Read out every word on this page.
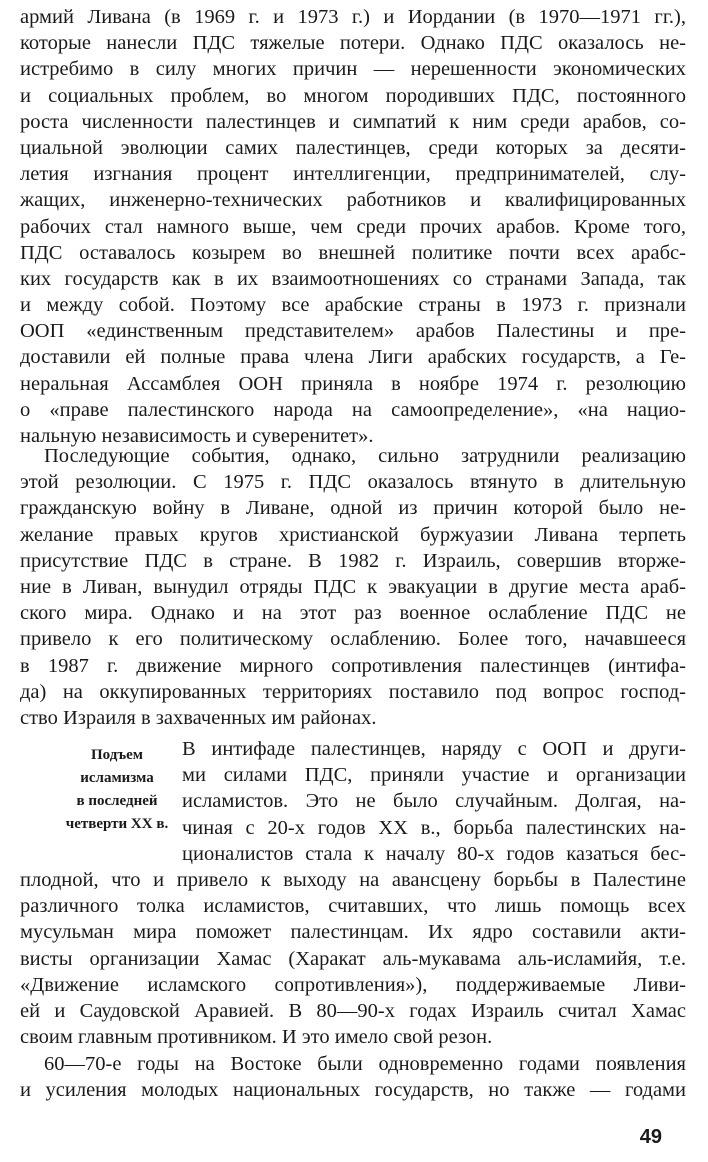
армий Ливана (в 1969 г. и 1973 г.) и Иордании (в 1970—1971 гг.),
которые нанесли ПДС тяжелые потери. Однако ПДС оказалось не-
истребимо в силу многих причин — нерешенности экономических
и социальных проблем, во многом породивших ПДС, постоянного
роста численности палестинцев и симпатий к ним среди арабов, со-
циальной эволюции самих палестинцев, среди которых за десяти-
летия изгнания процент интеллигенции, предпринимателей, слу-
жащих, инженерно-технических работников и квалифицированных
рабочих стал намного выше, чем среди прочих арабов. Кроме того,
ПДС оставалось козырем во внешней политике почти всех арабс-
ких государств как в их взаимоотношениях со странами Запада, так
и между собой. Поэтому все арабские страны в 1973 г. признали
ООП «единственным представителем» арабов Палестины и пре-
доставили ей полные права члена Лиги арабских государств, а Ге-
неральная Ассамблея ООН приняла в ноябре 1974 г. резолюцию
о «праве палестинского народа на самоопределение», «на нацио-
нальную независимость и суверенитет».
Последующие события, однако, сильно затруднили реализацию
этой резолюции. С 1975 г. ПДС оказалось втянуто в длительную
гражданскую войну в Ливане, одной из причин которой было не-
желание правых кругов христианской буржуазии Ливана терпеть
присутствие ПДС в стране. В 1982 г. Израиль, совершив вторже-
ние в Ливан, вынудил отряды ПДС к эвакуации в другие места араб-
ского мира. Однако и на этот раз военное ослабление ПДС не
привело к его политическому ослаблению. Более того, начавшееся
в 1987 г. движение мирного сопротивления палестинцев (интифа-
да) на оккупированных территориях поставило под вопрос господ-
ство Израиля в захваченных им районах.
Подъем
исламизма
в последней
четверти XX в.
В интифаде палестинцев, наряду с ООП и други-
ми силами ПДС, приняли участие и организации
исламистов. Это не было случайным. Долгая, на-
чиная с 20-х годов XX в., борьба палестинских на-
ционалистов стала к началу 80-х годов казаться бес-
плодной, что и привело к выходу на авансцену борьбы в Палестине
различного толка исламистов, считавших, что лишь помощь всех
мусульман мира поможет палестинцам. Их ядро составили акти-
висты организации Хамас (Харакат аль-мукавама аль-исламийя, т.е.
«Движение исламского сопротивления»), поддерживаемые Ливи-
ей и Саудовской Аравией. В 80—90-х годах Израиль считал Хамас
своим главным противником. И это имело свой резон.
60—70-е годы на Востоке были одновременно годами появления
и усиления молодых национальных государств, но также — годами
49
